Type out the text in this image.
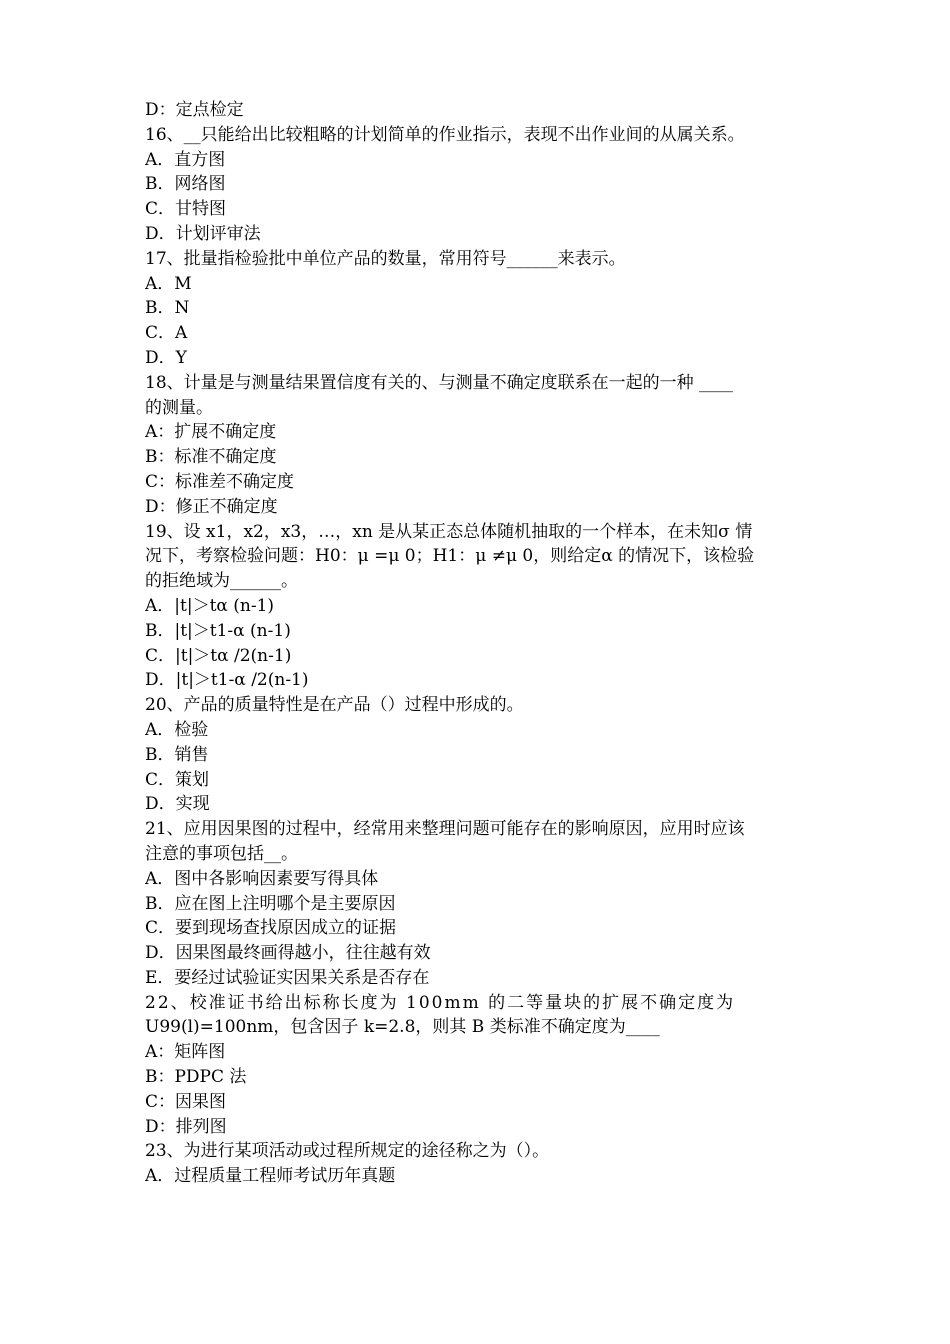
D：定点检定
16、__只能给出比较粗略的计划简单的作业指示，表现不出作业间的从属关系。
A．直方图
B．网络图
C．甘特图
D．计划评审法
17、批量指检验批中单位产品的数量，常用符号______来表示。
A．M
B．N
C．A
D．Y
18、计量是与测量结果置信度有关的、与测量不确定度联系在一起的一种 ____
的测量。
A：扩展不确定度
B：标准不确定度
C：标准差不确定度
D：修正不确定度
19、设 x1，x2，x3，…，xn 是从某正态总体随机抽取的一个样本，在未知σ 情
况下，考察检验问题：H0：μ =μ 0；H1：μ ≠μ 0，则给定α 的情况下，该检验
的拒绝域为______。
A．|t|＞tα (n-1)
B．|t|＞t1-α (n-1)
C．|t|＞tα /2(n-1)
D．|t|＞t1-α /2(n-1)
20、产品的质量特性是在产品（）过程中形成的。
A．检验
B．销售
C．策划
D．实现
21、应用因果图的过程中，经常用来整理问题可能存在的影响原因，应用时应该
注意的事项包括__。
A．图中各影响因素要写得具体
B．应在图上注明哪个是主要原因
C．要到现场查找原因成立的证据
D．因果图最终画得越小，往往越有效
E．要经过试验证实因果关系是否存在
22、校准证书给出标称长度为 100mm 的二等量块的扩展不确定度为
U99(l)=100nm，包含因子 k=2.8，则其 B 类标准不确定度为____
A：矩阵图
B：PDPC 法
C：因果图
D：排列图
23、为进行某项活动或过程所规定的途径称之为（）。
A．过程质量工程师考试历年真题
